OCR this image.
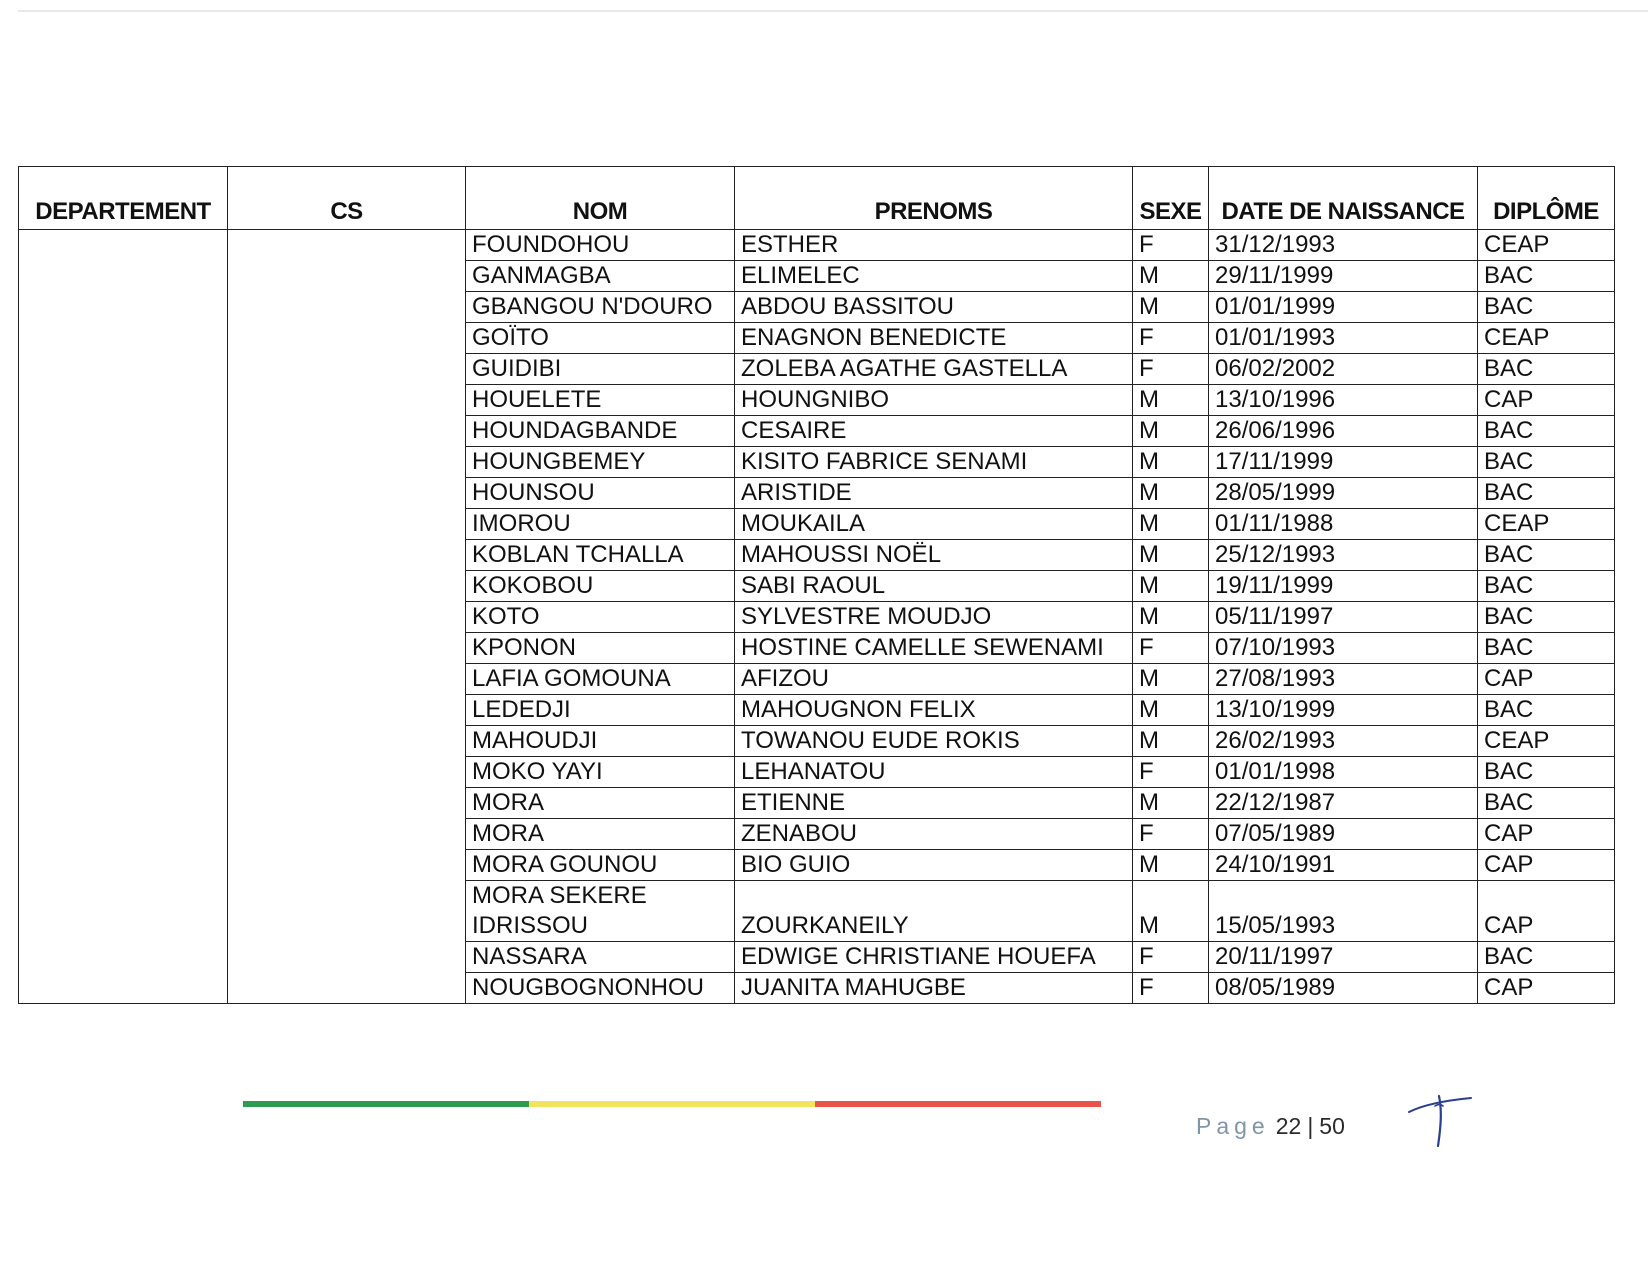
DEPARTEMENT	CS	NOM	PRENOMS	SEXE	DATE DE NAISSANCE	DIPLÔME
		FOUNDOHOU	ESTHER	F	31/12/1993	CEAP
		GANMAGBA	ELIMELEC	M	29/11/1999	BAC
		GBANGOU N'DOURO	ABDOU BASSITOU	M	01/01/1999	BAC
		GOÏTO	ENAGNON BENEDICTE	F	01/01/1993	CEAP
		GUIDIBI	ZOLEBA AGATHE GASTELLA	F	06/02/2002	BAC
		HOUELETE	HOUNGNIBO	M	13/10/1996	CAP
		HOUNDAGBANDE	CESAIRE	M	26/06/1996	BAC
		HOUNGBEMEY	KISITO FABRICE SENAMI	M	17/11/1999	BAC
		HOUNSOU	ARISTIDE	M	28/05/1999	BAC
		IMOROU	MOUKAILA	M	01/11/1988	CEAP
		KOBLAN TCHALLA	MAHOUSSI NOËL	M	25/12/1993	BAC
		KOKOBOU	SABI RAOUL	M	19/11/1999	BAC
		KOTO	SYLVESTRE MOUDJO	M	05/11/1997	BAC
		KPONON	HOSTINE CAMELLE SEWENAMI	F	07/10/1993	BAC
		LAFIA GOMOUNA	AFIZOU	M	27/08/1993	CAP
		LEDEDJI	MAHOUGNON FELIX	M	13/10/1999	BAC
		MAHOUDJI	TOWANOU EUDE ROKIS	M	26/02/1993	CEAP
		MOKO YAYI	LEHANATOU	F	01/01/1998	BAC
		MORA	ETIENNE	M	22/12/1987	BAC
		MORA	ZENABOU	F	07/05/1989	CAP
		MORA GOUNOU	BIO GUIO	M	24/10/1991	CAP
		MORA SEKERE IDRISSOU	ZOURKANEILY	M	15/05/1993	CAP
		NASSARA	EDWIGE CHRISTIANE HOUEFA	F	20/11/1997	BAC
		NOUGBOGNONHOU	JUANITA MAHUGBE	F	08/05/1989	CAP
Page 22 | 50
